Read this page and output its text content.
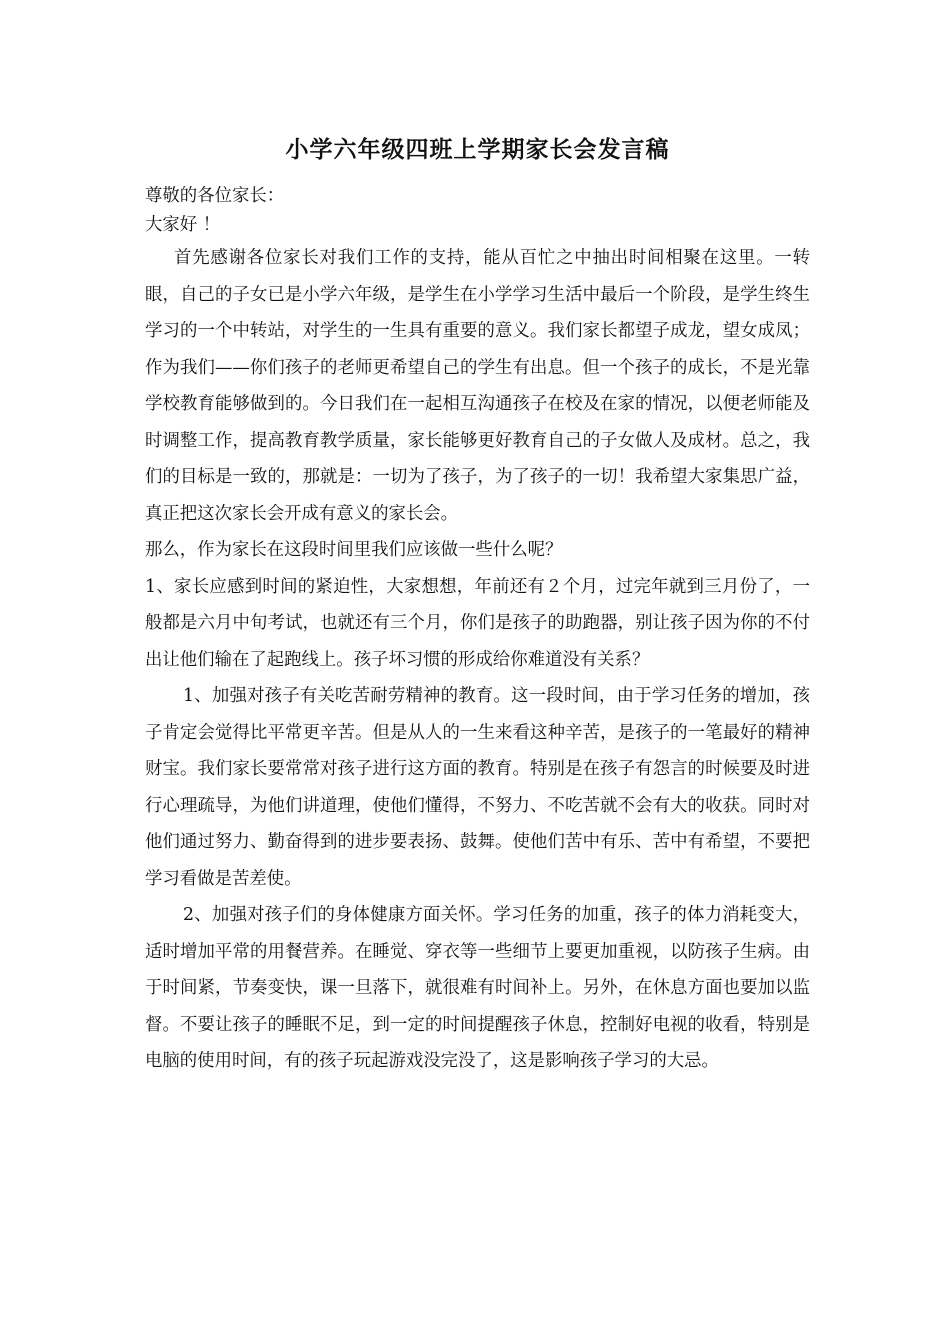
小学六年级四班上学期家长会发言稿

尊敬的各位家长：

大家好 ！

首先感谢各位家长对我们工作的支持，能从百忙之中抽出时间相聚在这里。一转眼，自己的子女已是小学六年级，是学生在小学学习生活中最后一个阶段，是学生终生学习的一个中转站，对学生的一生具有重要的意义。我们家长都望子成龙，望女成凤；作为我们——你们孩子的老师更希望自己的学生有出息。但一个孩子的成长，不是光靠学校教育能够做到的。今日我们在一起相互沟通孩子在校及在家的情况，以便老师能及时调整工作，提高教育教学质量，家长能够更好教育自己的子女做人及成材。总之，我们的目标是一致的，那就是：一切为了孩子，为了孩子的一切！我希望大家集思广益，真正把这次家长会开成有意义的家长会。

那么，作为家长在这段时间里我们应该做一些什么呢？

1、家长应感到时间的紧迫性，大家想想，年前还有２个月，过完年就到三月份了，一般都是六月中旬考试，也就还有三个月，你们是孩子的助跑器，别让孩子因为你的不付出让他们输在了起跑线上。孩子坏习惯的形成给你难道没有关系？

1、加强对孩子有关吃苦耐劳精神的教育。这一段时间，由于学习任务的增加，孩子肯定会觉得比平常更辛苦。但是从人的一生来看这种辛苦，是孩子的一笔最好的精神财宝。我们家长要常常对孩子进行这方面的教育。特别是在孩子有怨言的时候要及时进行心理疏导，为他们讲道理，使他们懂得，不努力、不吃苦就不会有大的收获。同时对他们通过努力、勤奋得到的进步要表扬、鼓舞。使他们苦中有乐、苦中有希望，不要把学习看做是苦差使。

2、加强对孩子们的身体健康方面关怀。学习任务的加重，孩子的体力消耗变大，适时增加平常的用餐营养。在睡觉、穿衣等一些细节上要更加重视，以防孩子生病。由于时间紧，节奏变快，课一旦落下，就很难有时间补上。另外，在休息方面也要加以监督。不要让孩子的睡眠不足，到一定的时间提醒孩子休息，控制好电视的收看，特别是电脑的使用时间，有的孩子玩起游戏没完没了，这是影响孩子学习的大忌。
